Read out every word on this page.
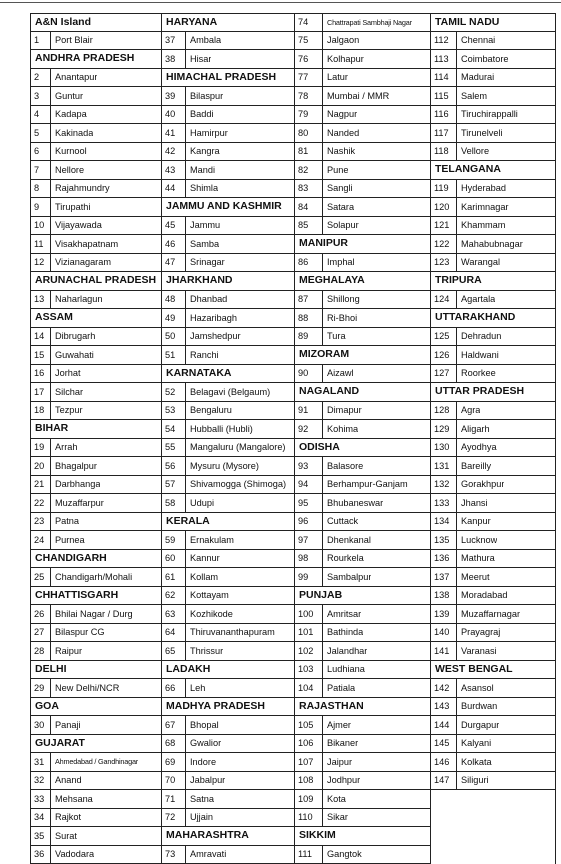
A&N Island
1	Port Blair
ANDHRA PRADESH
2	Anantapur
3	Guntur
4	Kadapa
5	Kakinada
6	Kurnool
7	Nellore
8	Rajahmundry
9	Tirupathi
10	Vijayawada
11	Visakhapatnam
12	Vizianagaram
ARUNACHAL PRADESH
13	Naharlagun
ASSAM
14	Dibrugarh
15	Guwahati
16	Jorhat
17	Silchar
18	Tezpur
BIHAR
19	Arrah
20	Bhagalpur
21	Darbhanga
22	Muzaffarpur
23	Patna
24	Purnea
CHANDIGARH
25	Chandigarh/Mohali
CHHATTISGARH
26	Bhilai Nagar / Durg
27	Bilaspur CG
28	Raipur
DELHI
29	New Delhi/NCR
GOA
30	Panaji
GUJARAT
31	Ahmedabad / Gandhinagar
32	Anand
33	Mehsana
34	Rajkot
35	Surat
36	Vadodara
HARYANA
37	Ambala
38	Hisar
HIMACHAL PRADESH
39	Bilaspur
40	Baddi
41	Hamirpur
42	Kangra
43	Mandi
44	Shimla
JAMMU AND KASHMIR
45	Jammu
46	Samba
47	Srinagar
JHARKHAND
48	Dhanbad
49	Hazaribagh
50	Jamshedpur
51	Ranchi
KARNATAKA
52	Belagavi (Belgaum)
53	Bengaluru
54	Hubballi (Hubli)
55	Mangaluru (Mangalore)
56	Mysuru (Mysore)
57	Shivamogga (Shimoga)
58	Udupi
KERALA
59	Ernakulam
60	Kannur
61	Kollam
62	Kottayam
63	Kozhikode
64	Thiruvananthapuram
65	Thrissur
LADAKH
66	Leh
MADHYA PRADESH
67	Bhopal
68	Gwalior
69	Indore
70	Jabalpur
71	Satna
72	Ujjain
MAHARASHTRA
73	Amravati
74	Chattrapati Sambhaji Nagar
75	Jalgaon
76	Kolhapur
77	Latur
78	Mumbai / MMR
79	Nagpur
80	Nanded
81	Nashik
82	Pune
83	Sangli
84	Satara
85	Solapur
MANIPUR
86	Imphal
MEGHALAYA
87	Shillong
88	Ri-Bhoi
89	Tura
MIZORAM
90	Aizawl
NAGALAND
91	Dimapur
92	Kohima
ODISHA
93	Balasore
94	Berhampur-Ganjam
95	Bhubaneswar
96	Cuttack
97	Dhenkanal
98	Rourkela
99	Sambalpur
PUNJAB
100	Amritsar
101	Bathinda
102	Jalandhar
103	Ludhiana
104	Patiala
RAJASTHAN
105	Ajmer
106	Bikaner
107	Jaipur
108	Jodhpur
109	Kota
110	Sikar
SIKKIM
111	Gangtok
TAMIL NADU
112	Chennai
113	Coimbatore
114	Madurai
115	Salem
116	Tiruchirappalli
117	Tirunelveli
118	Vellore
TELANGANA
119	Hyderabad
120	Karimnagar
121	Khammam
122	Mahabubnagar
123	Warangal
TRIPURA
124	Agartala
UTTARAKHAND
125	Dehradun
126	Haldwani
127	Roorkee
UTTAR PRADESH
128	Agra
129	Aligarh
130	Ayodhya
131	Bareilly
132	Gorakhpur
133	Jhansi
134	Kanpur
135	Lucknow
136	Mathura
137	Meerut
138	Moradabad
139	Muzaffarnagar
140	Prayagraj
141	Varanasi
WEST BENGAL
142	Asansol
143	Burdwan
144	Durgapur
145	Kalyani
146	Kolkata
147	Siliguri
